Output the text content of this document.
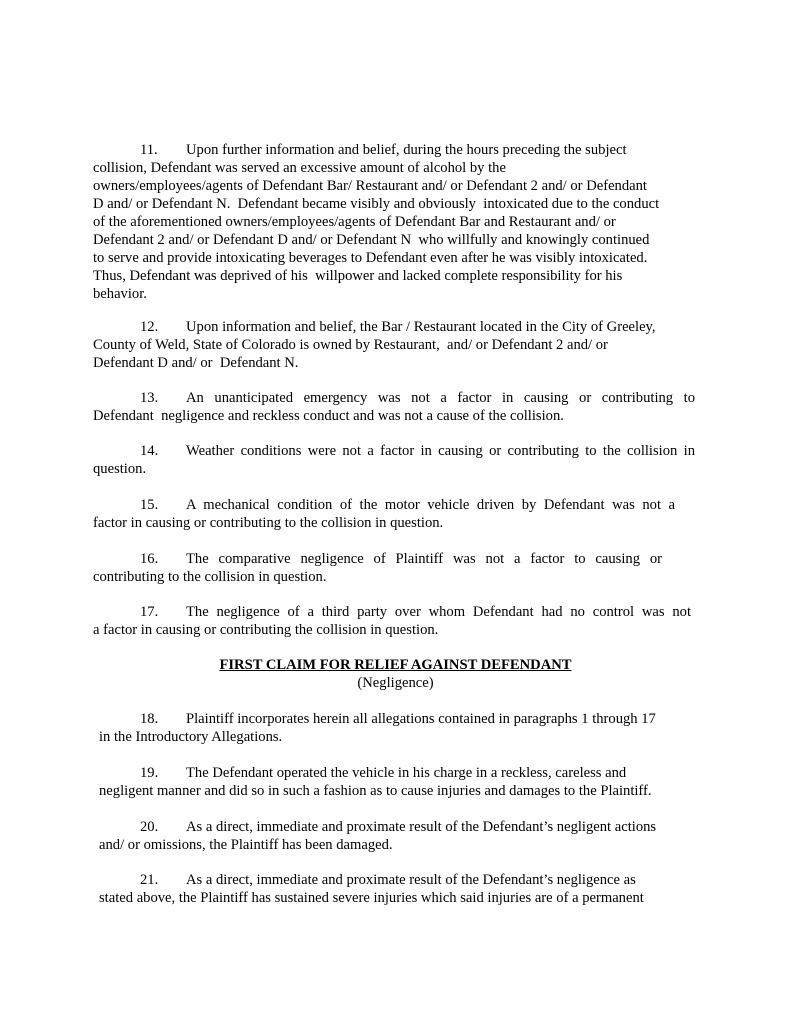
11. Upon further information and belief, during the hours preceding the subject
collision, Defendant was served an excessive amount of alcohol by the
owners/employees/agents of Defendant Bar/ Restaurant and/ or Defendant 2 and/ or Defendant
D and/ or Defendant N.  Defendant became visibly and obviously  intoxicated due to the conduct
of the aforementioned owners/employees/agents of Defendant Bar and Restaurant and/ or
Defendant 2 and/ or Defendant D and/ or Defendant N  who willfully and knowingly continued
to serve and provide intoxicating beverages to Defendant even after he was visibly intoxicated.
Thus, Defendant was deprived of his  willpower and lacked complete responsibility for his
behavior.
12. Upon information and belief, the Bar / Restaurant located in the City of Greeley,
County of Weld, State of Colorado is owned by Restaurant,  and/ or Defendant 2 and/ or
Defendant D and/ or  Defendant N.
13. An unanticipated emergency was not a factor in causing or contributing to
Defendant  negligence and reckless conduct and was not a cause of the collision.
14. Weather conditions were not a factor in causing or contributing to the collision in
question.
15. A mechanical condition of the motor vehicle driven by Defendant was not a
factor in causing or contributing to the collision in question.
16. The comparative negligence of Plaintiff was not a factor to causing or
contributing to the collision in question.
17. The negligence of a third party over whom Defendant had no control was not
a factor in causing or contributing the collision in question.
FIRST CLAIM FOR RELIEF AGAINST DEFENDANT
(Negligence)
18. Plaintiff incorporates herein all allegations contained in paragraphs 1 through 17
in the Introductory Allegations.
19. The Defendant operated the vehicle in his charge in a reckless, careless and
negligent manner and did so in such a fashion as to cause injuries and damages to the Plaintiff.
20. As a direct, immediate and proximate result of the Defendant’s negligent actions
and/ or omissions, the Plaintiff has been damaged.
21. As a direct, immediate and proximate result of the Defendant’s negligence as
stated above, the Plaintiff has sustained severe injuries which said injuries are of a permanent
